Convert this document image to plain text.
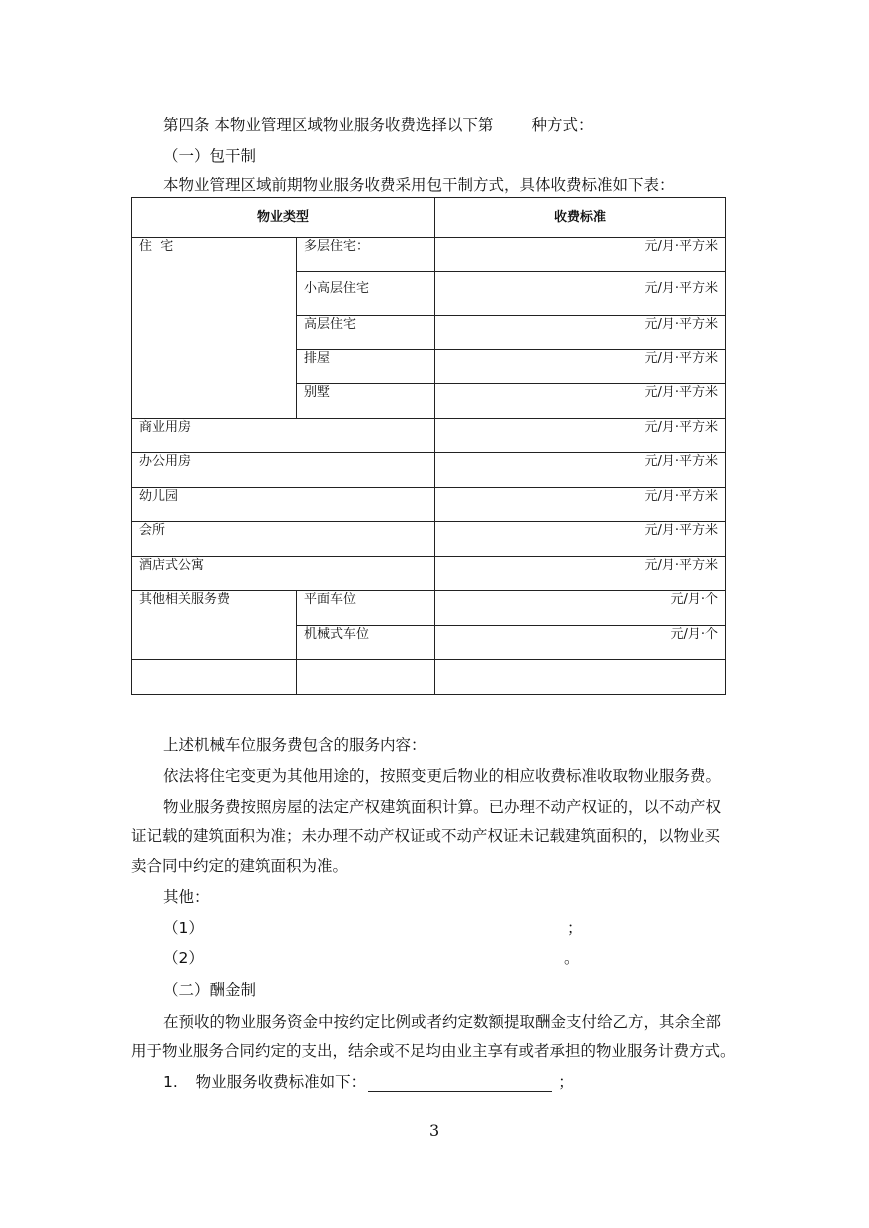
第四条 本物业管理区域物业服务收费选择以下第 种方式：
（一）包干制
本物业管理区域前期物业服务收费采用包干制方式，具体收费标准如下表：
物业类型		收费标准
住  宅	多层住宅：	元/月·平方米
	小高层住宅	元/月·平方米
	高层住宅	元/月·平方米
	排屋	元/月·平方米
	别墅	元/月·平方米
商业用房		元/月·平方米
办公用房		元/月·平方米
幼儿园		元/月·平方米
会所		元/月·平方米
酒店式公寓		元/月·平方米
其他相关服务费	平面车位	元/月·个
	机械式车位	元/月·个

上述机械车位服务费包含的服务内容：
依法将住宅变更为其他用途的，按照变更后物业的相应收费标准收取物业服务费。
物业服务费按照房屋的法定产权建筑面积计算。已办理不动产权证的，以不动产权
证记载的建筑面积为准；未办理不动产权证或不动产权证未记载建筑面积的，以物业买
卖合同中约定的建筑面积为准。
其他：
（1）	；
（2）	。
（二）酬金制
在预收的物业服务资金中按约定比例或者约定数额提取酬金支付给乙方，其余全部
用于物业服务合同约定的支出，结余或不足均由业主享有或者承担的物业服务计费方式。
1. 物业服务收费标准如下：	；
3
